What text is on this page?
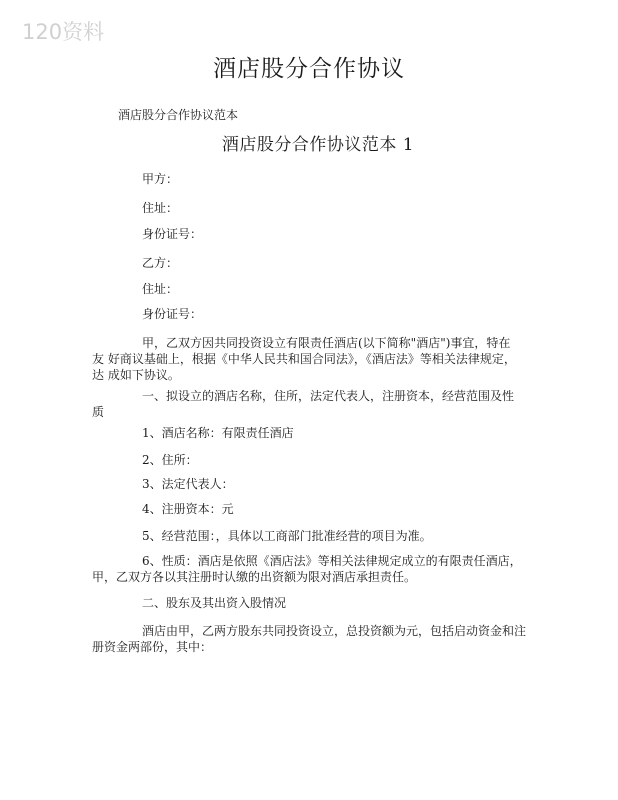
120资料
酒店股分合作协议
酒店股分合作协议范本
酒店股分合作协议范本 1
甲方：
住址：
身份证号：
乙方：
住址：
身份证号：
甲，乙双方因共同投资设立有限责任酒店(以下简称"酒店")事宜，特在
友 好商议基础上，根据《中华人民共和国合同法》，《酒店法》等相关法律规定，
达 成如下协议。
一、拟设立的酒店名称，住所，法定代表人，注册资本，经营范围及性
质
1、酒店名称：有限责任酒店
2、住所：
3、法定代表人：
4、注册资本：元
5、经营范围：，具体以工商部门批准经营的项目为准。
6、性质：酒店是依照《酒店法》等相关法律规定成立的有限责任酒店，
甲，乙双方各以其注册时认缴的出资额为限对酒店承担责任。
二、股东及其出资入股情况
酒店由甲，乙两方股东共同投资设立，总投资额为元，包括启动资金和注
册资金两部份，其中：
